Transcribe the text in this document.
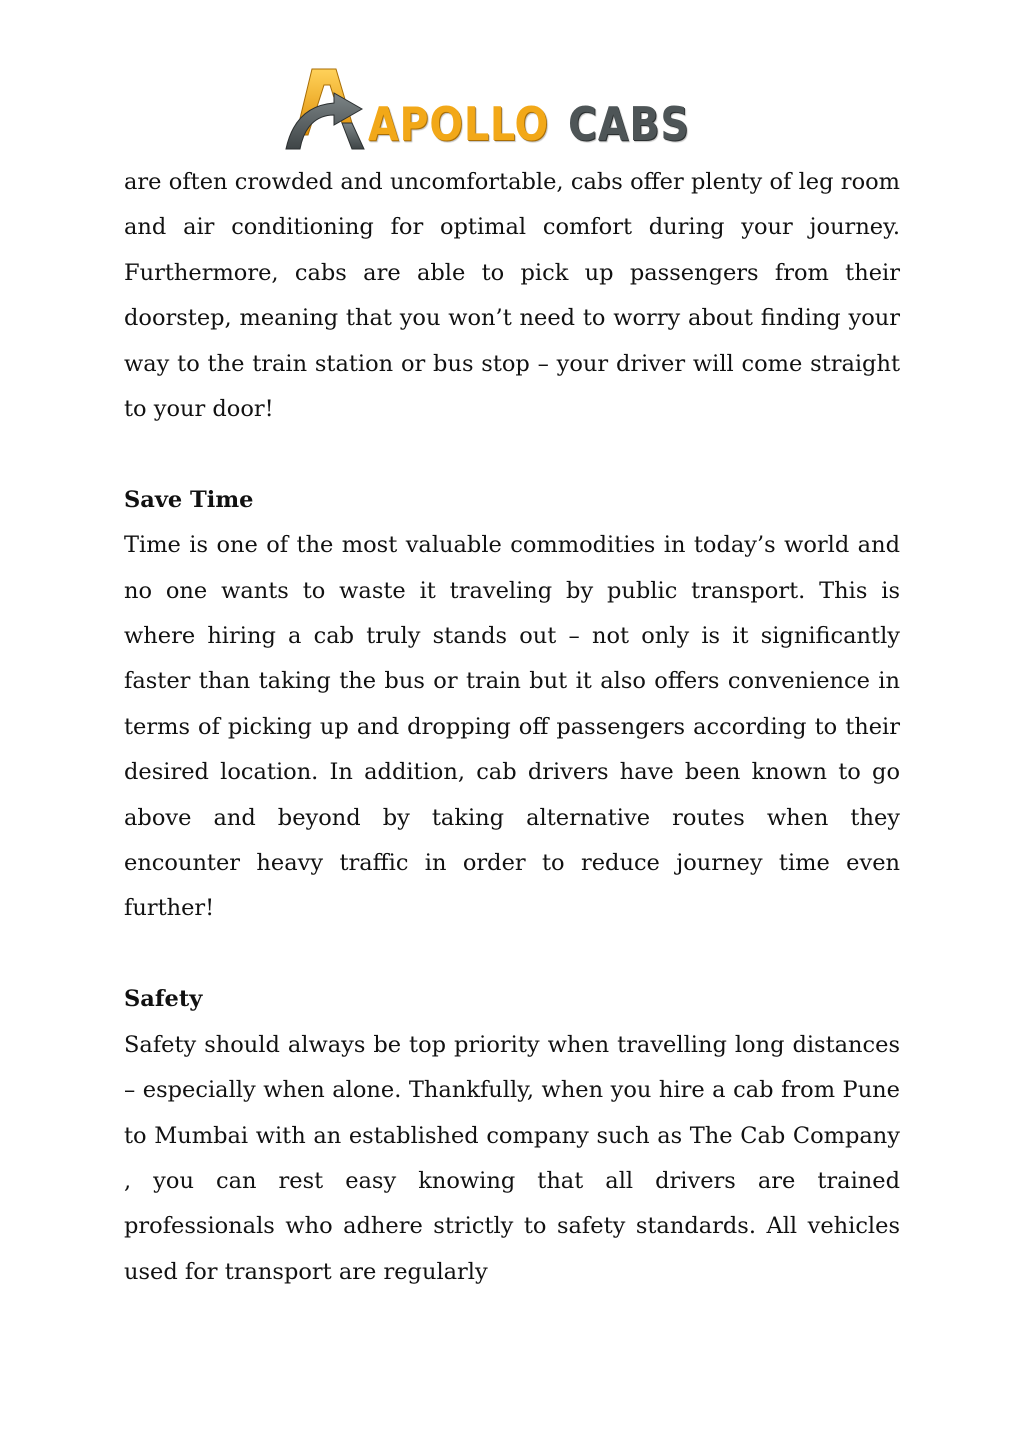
APOLLO CABS

are often crowded and uncomfortable, cabs offer plenty of leg room and air conditioning for optimal comfort during your journey. Furthermore, cabs are able to pick up passengers from their doorstep, meaning that you won’t need to worry about finding your way to the train station or bus stop – your driver will come straight to your door!

Save Time

Time is one of the most valuable commodities in today’s world and no one wants to waste it traveling by public transport. This is where hiring a cab truly stands out – not only is it significantly faster than taking the bus or train but it also offers convenience in terms of picking up and dropping off passengers according to their desired location. In addition, cab drivers have been known to go above and beyond by taking alternative routes when they encounter heavy traffic in order to reduce journey time even further!

Safety

Safety should always be top priority when travelling long distances – especially when alone. Thankfully, when you hire a cab from Pune to Mumbai with an established company such as The Cab Company , you can rest easy knowing that all drivers are trained professionals who adhere strictly to safety standards. All vehicles used for transport are regularly
